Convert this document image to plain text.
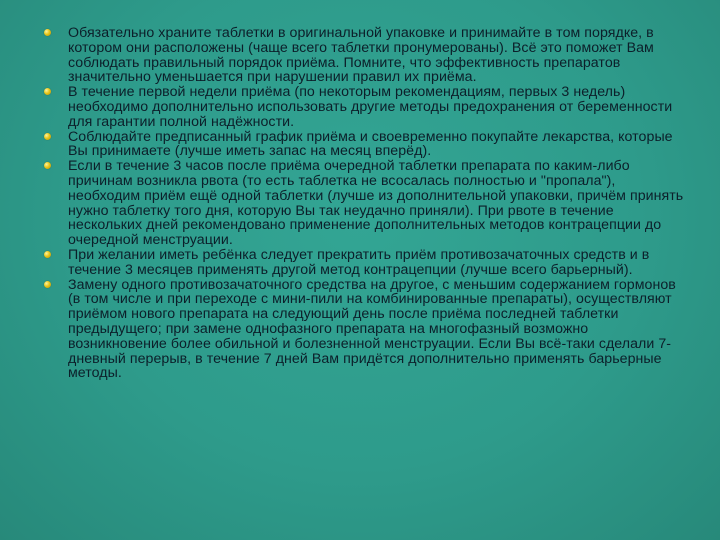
Обязательно храните таблетки в оригинальной упаковке и принимайте в том порядке, в котором они расположены (чаще всего таблетки пронумерованы). Всё это поможет Вам соблюдать правильный порядок приёма. Помните, что эффективность препаратов значительно уменьшается при нарушении правил их приёма.
В течение первой недели приёма (по некоторым рекомендациям, первых 3 недель) необходимо дополнительно использовать другие методы предохранения от беременности для гарантии полной надёжности.
Соблюдайте предписанный график приёма и своевременно покупайте лекарства, которые Вы принимаете (лучше иметь запас на месяц вперёд).
Если в течение 3 часов после приёма очередной таблетки препарата по каким-либо причинам возникла рвота (то есть таблетка не всосалась полностью и "пропала"), необходим приём ещё одной таблетки (лучше из дополнительной упаковки, причём принять нужно таблетку того дня, которую Вы так неудачно приняли). При рвоте в течение нескольких дней рекомендовано применение дополнительных методов контрацепции до очередной менструации.
При желании иметь ребёнка следует прекратить приём противозачаточных средств и в течение 3 месяцев применять другой метод контрацепции (лучше всего барьерный).
Замену одного противозачаточного средства на другое, с меньшим содержанием гормонов (в том числе и при переходе с мини-пили на комбинированные препараты), осуществляют приёмом нового препарата на следующий день после приёма последней таблетки предыдущего; при замене однофазного препарата на многофазный возможно возникновение более обильной и болезненной менструации. Если Вы всё-таки сделали 7-дневный перерыв, в течение 7 дней Вам придётся дополнительно применять барьерные методы.
